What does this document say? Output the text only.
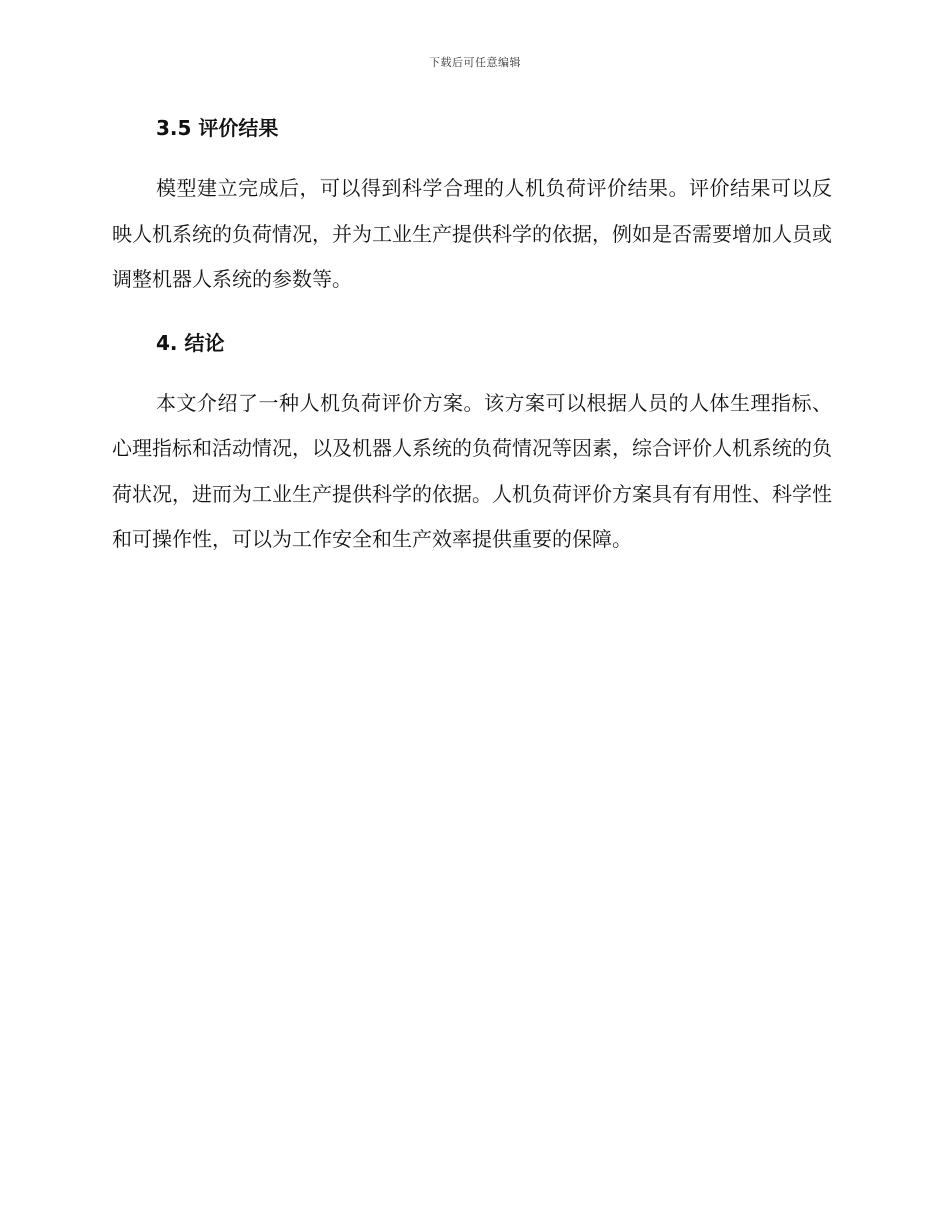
下载后可任意编辑
3.5 评价结果

模型建立完成后，可以得到科学合理的人机负荷评价结果。评价结果可以反映人机系统的负荷情况，并为工业生产提供科学的依据，例如是否需要增加人员或调整机器人系统的参数等。

4. 结论

本文介绍了一种人机负荷评价方案。该方案可以根据人员的人体生理指标、心理指标和活动情况，以及机器人系统的负荷情况等因素，综合评价人机系统的负荷状况，进而为工业生产提供科学的依据。人机负荷评价方案具有有用性、科学性和可操作性，可以为工作安全和生产效率提供重要的保障。
